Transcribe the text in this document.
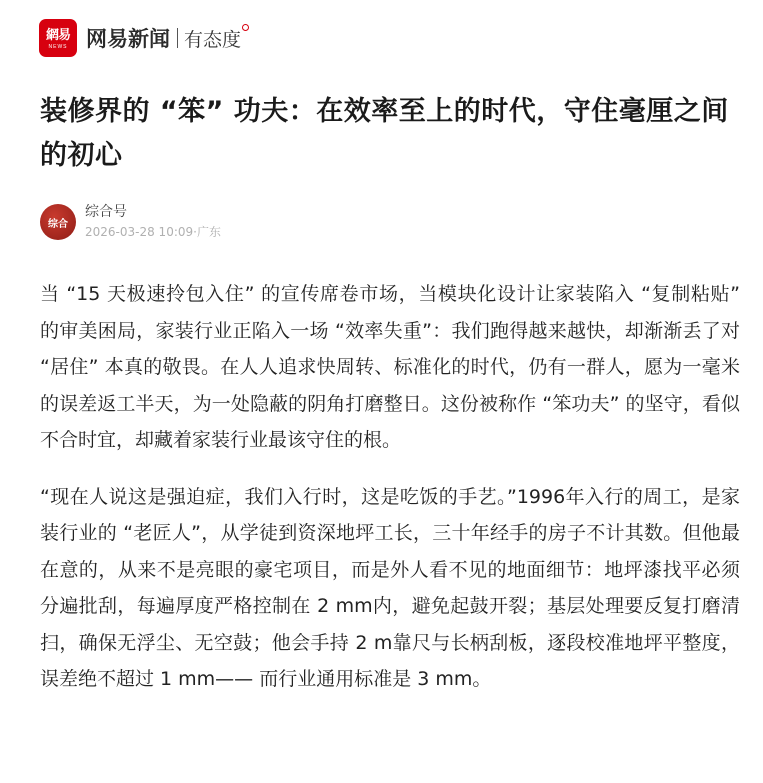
網易
NEWS 网易新闻 有态度
装修界的 “笨” 功夫：在效率至上的时代，守住毫厘之间的初心
综合
综合号
2026-03-28 10:09·广东

当 “15 天极速拎包入住” 的宣传席卷市场，当模块化设计让家装陷入 “复制粘贴” 的审美困局，家装行业正陷入一场 “效率失重”：我们跑得越来越快，却渐渐丢了对 “居住” 本真的敬畏。在人人追求快周转、标准化的时代，仍有一群人，愿为一毫米的误差返工半天，为一处隐蔽的阴角打磨整日。这份被称作 “笨功夫” 的坚守，看似不合时宜，却藏着家装行业最该守住的根。

“现在人说这是强迫症，我们入行时，这是吃饭的手艺。”1996年入行的周工，是家装行业的 “老匠人”，从学徒到资深地坪工长，三十年经手的房子不计其数。但他最在意的，从来不是亮眼的豪宅项目，而是外人看不见的地面细节：地坪漆找平必须分遍批刮，每遍厚度严格控制在 2 mm内，避免起鼓开裂；基层处理要反复打磨清扫，确保无浮尘、无空鼓；他会手持 2 m靠尺与长柄刮板，逐段校准地坪平整度，误差绝不超过 1 mm—— 而行业通用标准是 3 mm。
